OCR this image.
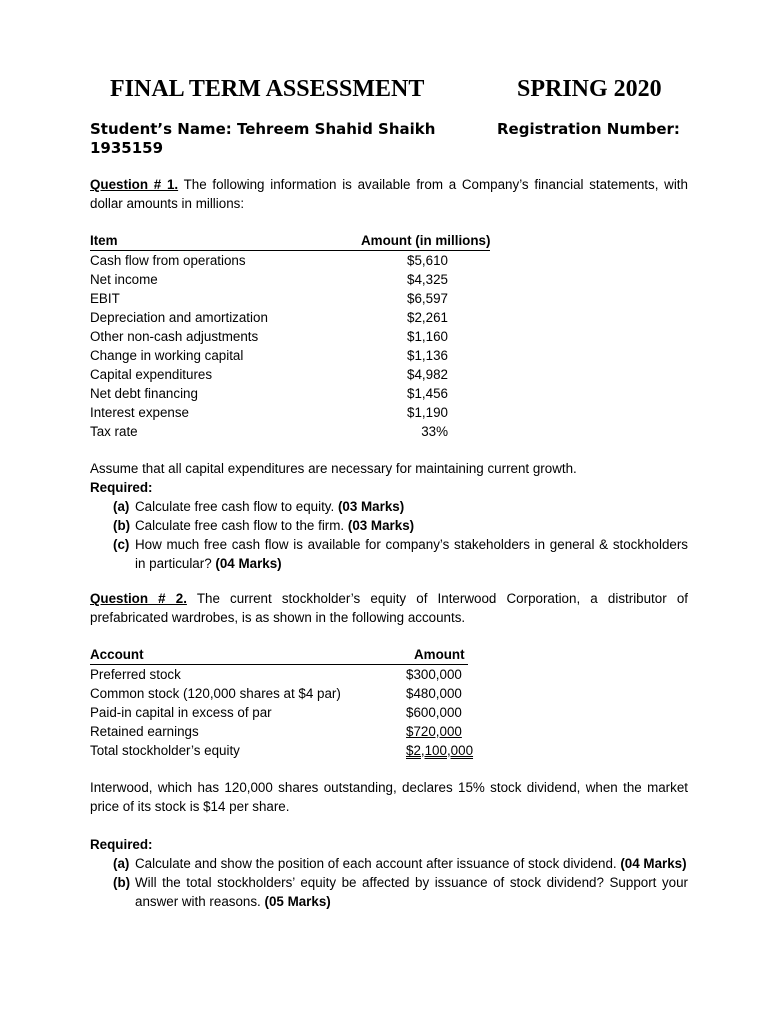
FINAL TERM ASSESSMENT	SPRING 2020
Student’s Name: Tehreem Shahid Shaikh	Registration Number:
1935159
Question # 1. The following information is available from a Company’s financial statements, with dollar amounts in millions:
Item	Amount (in millions)
Cash flow from operations	$5,610
Net income	$4,325
EBIT	$6,597
Depreciation and amortization	$2,261
Other non-cash adjustments	$1,160
Change in working capital	$1,136
Capital expenditures	$4,982
Net debt financing	$1,456
Interest expense	$1,190
Tax rate	33%
Assume that all capital expenditures are necessary for maintaining current growth.
Required:
(a) Calculate free cash flow to equity. (03 Marks)
(b) Calculate free cash flow to the firm. (03 Marks)
(c) How much free cash flow is available for company’s stakeholders in general & stockholders in particular? (04 Marks)
Question # 2. The current stockholder’s equity of Interwood Corporation, a distributor of prefabricated wardrobes, is as shown in the following accounts.
Account	Amount
Preferred stock	$300,000
Common stock (120,000 shares at $4 par)	$480,000
Paid-in capital in excess of par	$600,000
Retained earnings	$720,000
Total stockholder’s equity	$2,100,000
Interwood, which has 120,000 shares outstanding, declares 15% stock dividend, when the market price of its stock is $14 per share.
Required:
(a) Calculate and show the position of each account after issuance of stock dividend. (04 Marks)
(b) Will the total stockholders’ equity be affected by issuance of stock dividend? Support your answer with reasons. (05 Marks)
